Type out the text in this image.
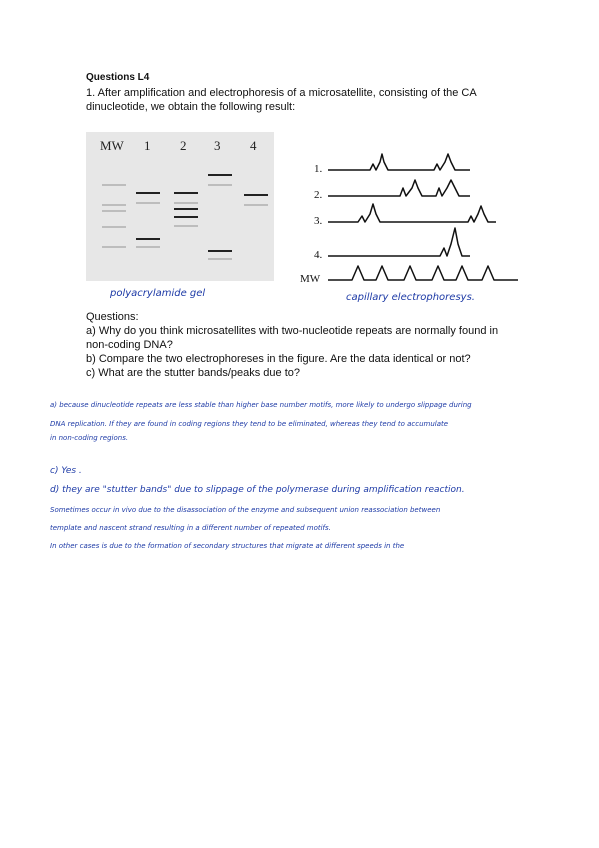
Questions L4
1. After amplification and electrophoresis of a microsatellite, consisting of the CA
dinucleotide, we obtain the following result:
MW 1 2 3 4
polyacrylamide gel
1.
2.
3.
4.
MW
capillary electrophoresys.
Questions:
a) Why do you think microsatellites with two-nucleotide repeats are normally found in
non-coding DNA?
b) Compare the two electrophoreses in the figure. Are the data identical or not?
c) What are the stutter bands/peaks due to?
a) because dinucleotide repeats are less stable than higher base number motifs, more likely to undergo slippage during
DNA replication. If they are found in coding regions they tend to be eliminated, whereas they tend to accumulate
in non-coding regions.
c) Yes .
d) they are "stutter bands" due to slippage of the polymerase during amplification reaction.
Sometimes occur in vivo due to the disassociation of the enzyme and subsequent union reassociation between
template and nascent strand resulting in a different number of repeated motifs.
In other cases is due to the formation of secondary structures that migrate at different speeds in the
